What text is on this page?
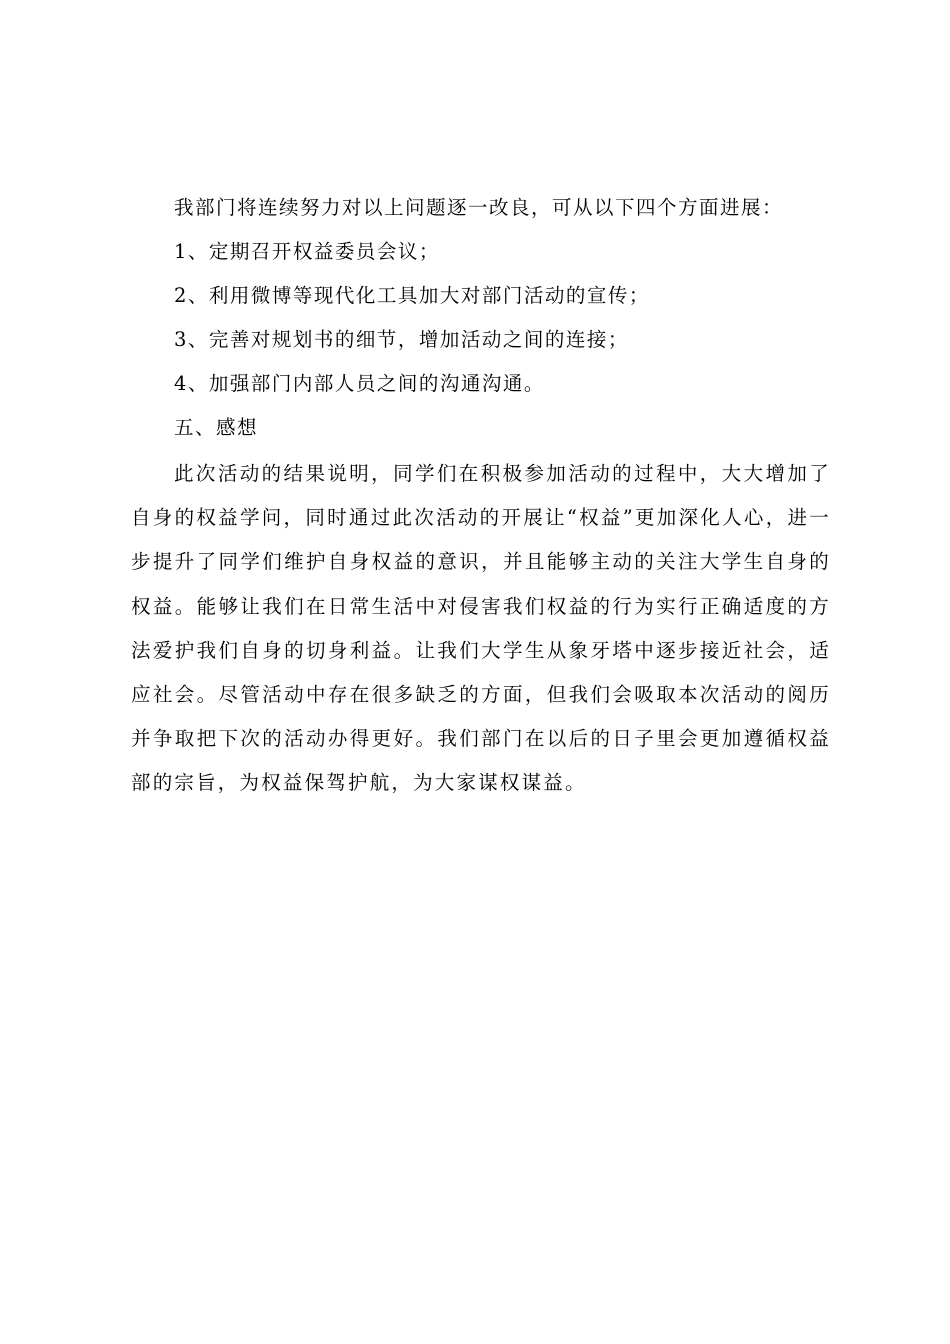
我部门将连续努力对以上问题逐一改良，可从以下四个方面进展：
1、定期召开权益委员会议；
2、利用微博等现代化工具加大对部门活动的宣传；
3、完善对规划书的细节，增加活动之间的连接；
4、加强部门内部人员之间的沟通沟通。
五、感想

此次活动的结果说明，同学们在积极参加活动的过程中，大大增加了自身的权益学问，同时通过此次活动的开展让“权益”更加深化人心，进一步提升了同学们维护自身权益的意识，并且能够主动的关注大学生自身的权益。能够让我们在日常生活中对侵害我们权益的行为实行正确适度的方法爱护我们自身的切身利益。让我们大学生从象牙塔中逐步接近社会，适应社会。尽管活动中存在很多缺乏的方面，但我们会吸取本次活动的阅历并争取把下次的活动办得更好。我们部门在以后的日子里会更加遵循权益部的宗旨，为权益保驾护航，为大家谋权谋益。
